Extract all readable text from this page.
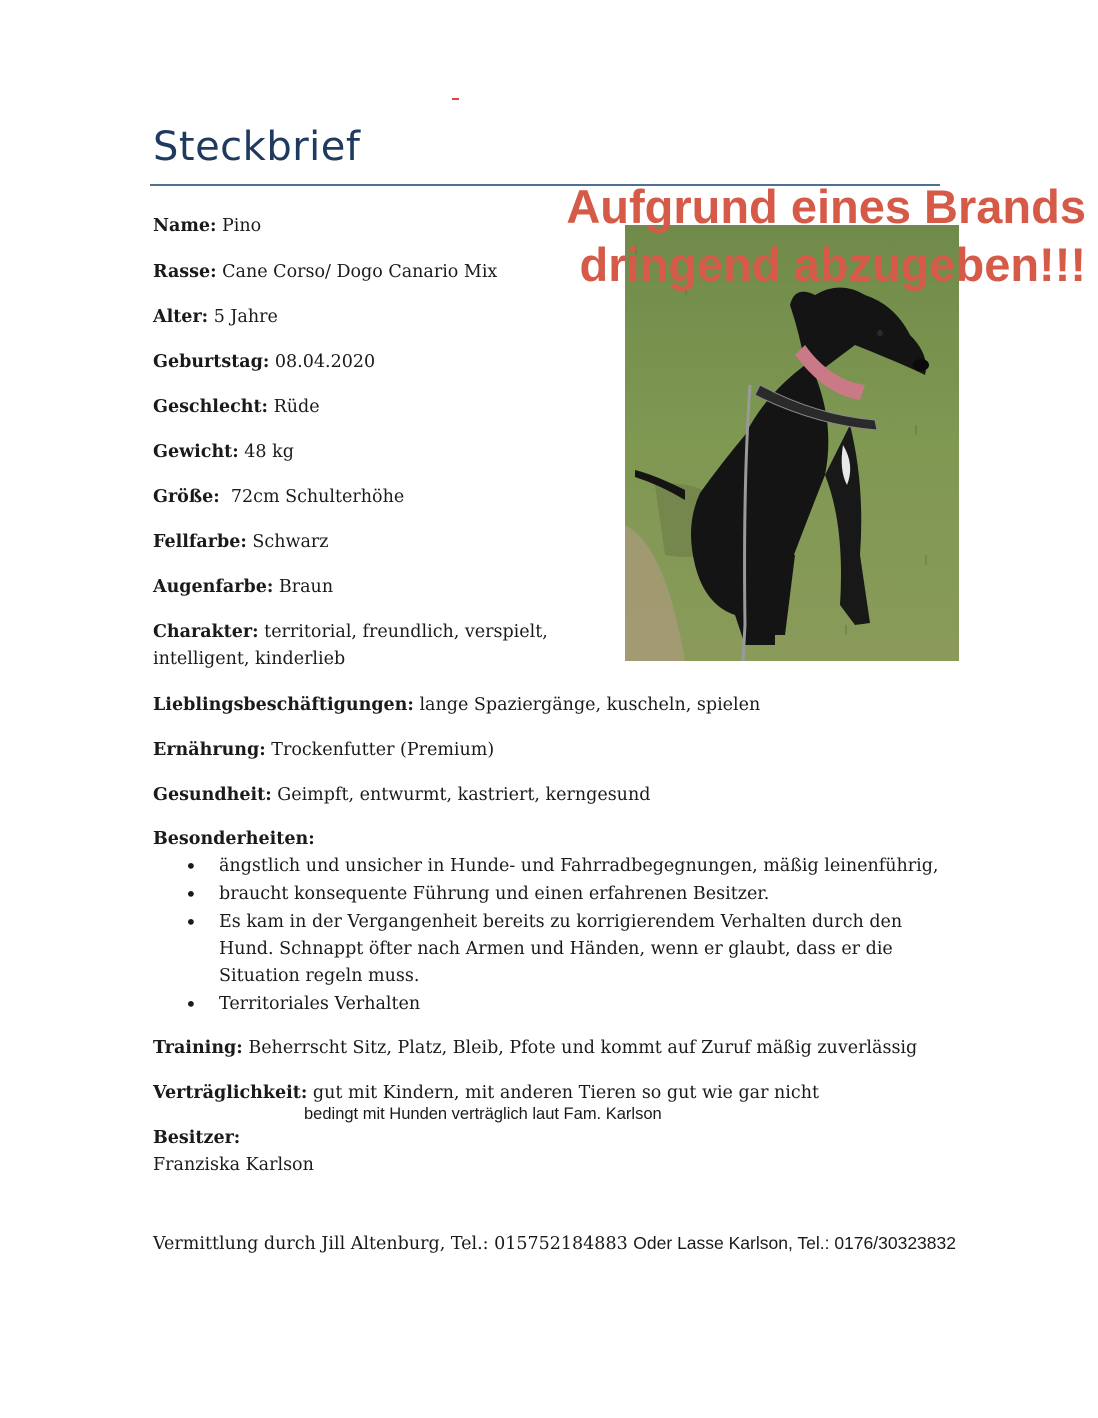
Steckbrief
Aufgrund eines Brands
dringend abzugeben!!!
Name: Pino
Rasse: Cane Corso/ Dogo Canario Mix
Alter: 5 Jahre
Geburtstag: 08.04.2020
Geschlecht: Rüde
Gewicht: 48 kg
Größe: 72cm Schulterhöhe
Fellfarbe: Schwarz
Augenfarbe: Braun
Charakter: territorial, freundlich, verspielt, intelligent, kinderlieb
Lieblingsbeschäftigungen: lange Spaziergänge, kuscheln, spielen
Ernährung: Trockenfutter (Premium)
Gesundheit: Geimpft, entwurmt, kastriert, kerngesund
Besonderheiten:
• ängstlich und unsicher in Hunde- und Fahrradbegegnungen, mäßig leinenführig,
• braucht konsequente Führung und einen erfahrenen Besitzer.
• Es kam in der Vergangenheit bereits zu korrigierendem Verhalten durch den Hund. Schnappt öfter nach Armen und Händen, wenn er glaubt, dass er die Situation regeln muss.
• Territoriales Verhalten
Training: Beherrscht Sitz, Platz, Bleib, Pfote und kommt auf Zuruf mäßig zuverlässig
Verträglichkeit: gut mit Kindern, mit anderen Tieren so gut wie gar nicht
bedingt mit Hunden verträglich laut Fam. Karlson
Besitzer:
Franziska Karlson
Vermittlung durch Jill Altenburg, Tel.: 015752184883 Oder Lasse Karlson, Tel.: 0176/30323832
